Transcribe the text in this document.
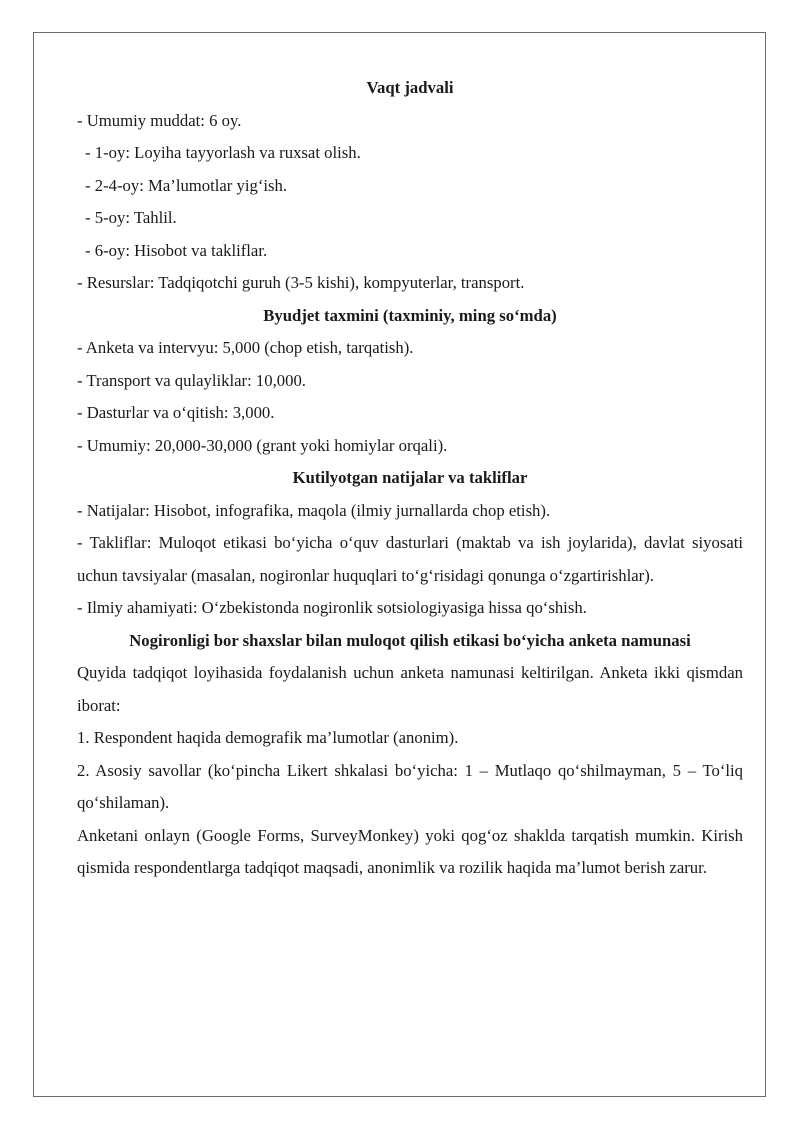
Vaqt jadvali

- Umumiy muddat: 6 oy.

- 1-oy: Loyiha tayyorlash va ruxsat olish.

- 2-4-oy: Ma’lumotlar yig‘ish.

- 5-oy: Tahlil.

- 6-oy: Hisobot va takliflar.

- Resurslar: Tadqiqotchi guruh (3-5 kishi), kompyuterlar, transport.

Byudjet taxmini (taxminiy, ming so‘mda)

- Anketa va intervyu: 5,000 (chop etish, tarqatish).

- Transport va qulayliklar: 10,000.

- Dasturlar va o‘qitish: 3,000.

- Umumiy: 20,000-30,000 (grant yoki homiylar orqali).

Kutilyotgan natijalar va takliflar

- Natijalar: Hisobot, infografika, maqola (ilmiy jurnallarda chop etish).

- Takliflar: Muloqot etikasi bo‘yicha o‘quv dasturlari (maktab va ish joylarida), davlat siyosati uchun tavsiyalar (masalan, nogironlar huquqlari to‘g‘risidagi qonunga o‘zgartirishlar).

- Ilmiy ahamiyati: O‘zbekistonda nogironlik sotsiologiyasiga hissa qo‘shish.

Nogironligi bor shaxslar bilan muloqot qilish etikasi bo‘yicha anketa namunasi

Quyida tadqiqot loyihasida foydalanish uchun anketa namunasi keltirilgan. Anketa ikki qismdan iborat:

1. Respondent haqida demografik ma’lumotlar (anonim).

2. Asosiy savollar (ko‘pincha Likert shkalasi bo‘yicha: 1 – Mutlaqo qo‘shilmayman, 5 – To‘liq qo‘shilaman).

Anketani onlayn (Google Forms, SurveyMonkey) yoki qog‘oz shaklda tarqatish mumkin. Kirish qismida respondentlarga tadqiqot maqsadi, anonimlik va rozilik haqida ma’lumot berish zarur.
